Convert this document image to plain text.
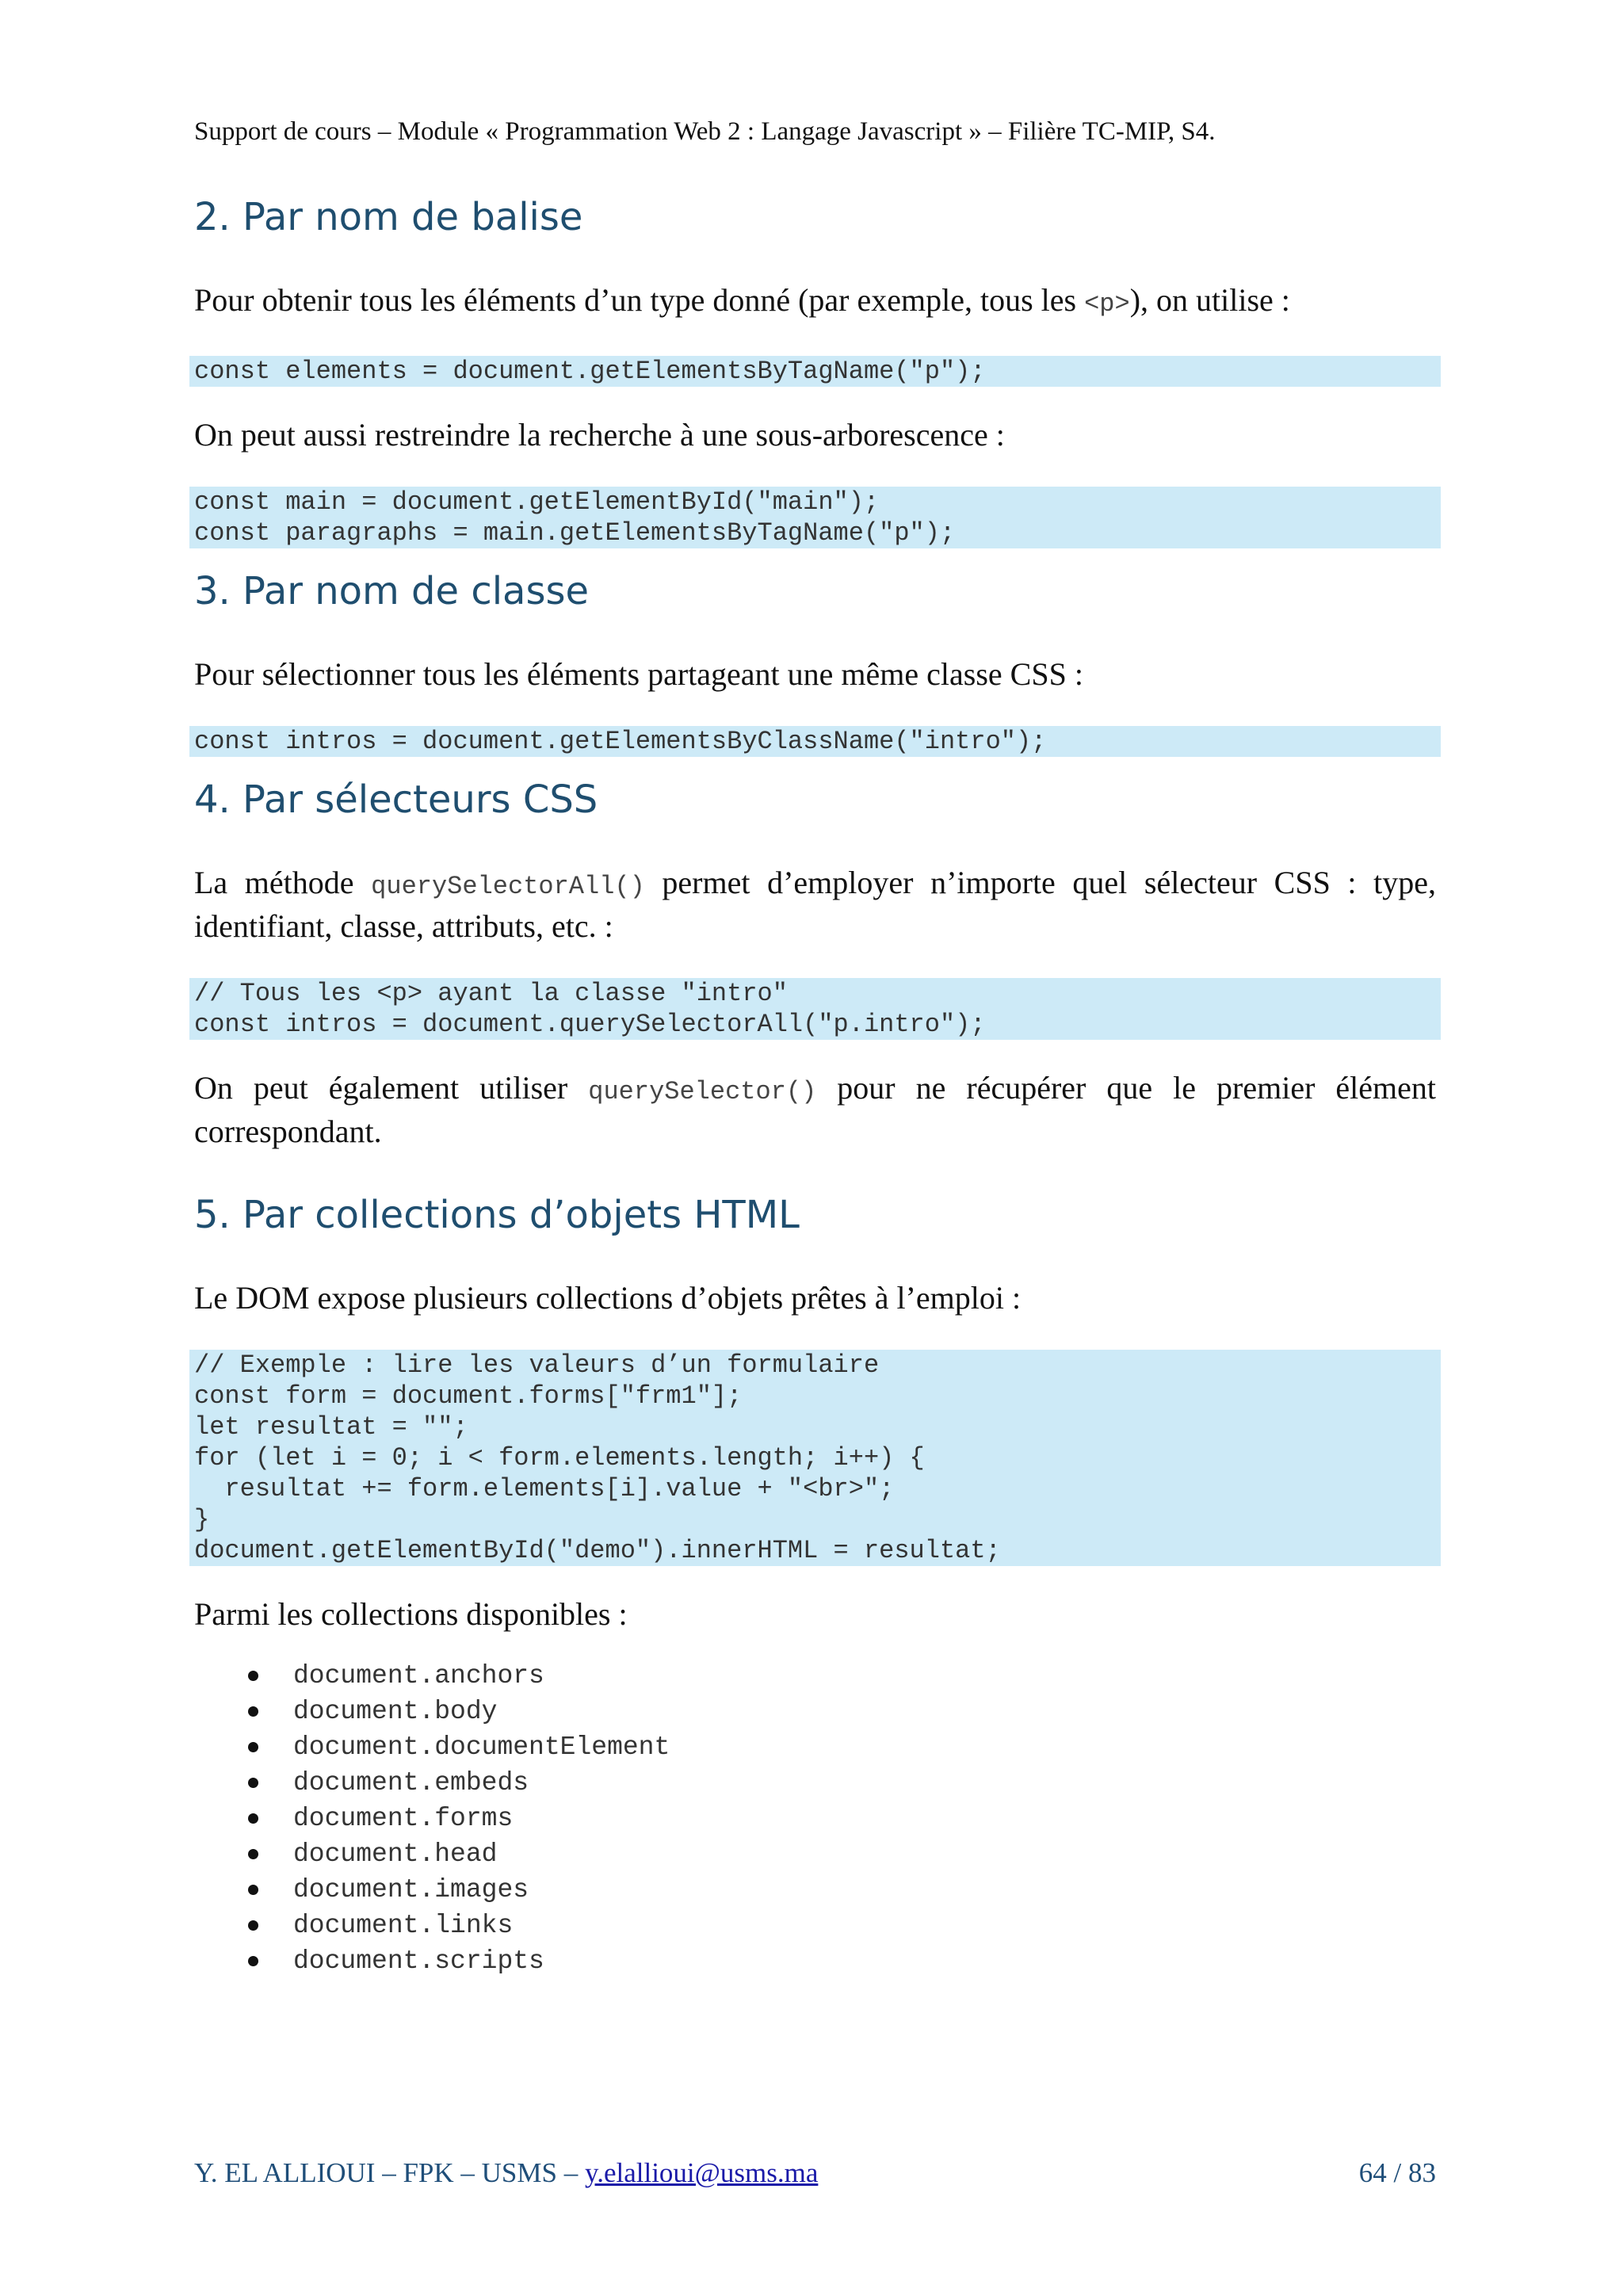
Support de cours – Module « Programmation Web 2 : Langage Javascript » – Filière TC-MIP, S4.
2. Par nom de balise

Pour obtenir tous les éléments d’un type donné (par exemple, tous les <p>), on utilise :

const elements = document.getElementsByTagName("p");

On peut aussi restreindre la recherche à une sous-arborescence :

const main = document.getElementById("main");
const paragraphs = main.getElementsByTagName("p");
3. Par nom de classe

Pour sélectionner tous les éléments partageant une même classe CSS :

const intros = document.getElementsByClassName("intro");
4. Par sélecteurs CSS

La méthode querySelectorAll() permet d’employer n’importe quel sélecteur CSS : type, identifiant, classe, attributs, etc. :

// Tous les <p> ayant la classe "intro"
const intros = document.querySelectorAll("p.intro");

On peut également utiliser querySelector() pour ne récupérer que le premier élément correspondant.

5. Par collections d’objets HTML

Le DOM expose plusieurs collections d’objets prêtes à l’emploi :

// Exemple : lire les valeurs d’un formulaire
const form = document.forms["frm1"];
let resultat = "";
for (let i = 0; i < form.elements.length; i++) {
resultat += form.elements[i].value + "<br>";
}
document.getElementById("demo").innerHTML = resultat;

Parmi les collections disponibles :

document.anchors
document.body
document.documentElement
document.embeds
document.forms
document.head
document.images
document.links
document.scripts
Y. EL ALLIOUI – FPK – USMS – y.elallioui@usms.ma	64 / 83
